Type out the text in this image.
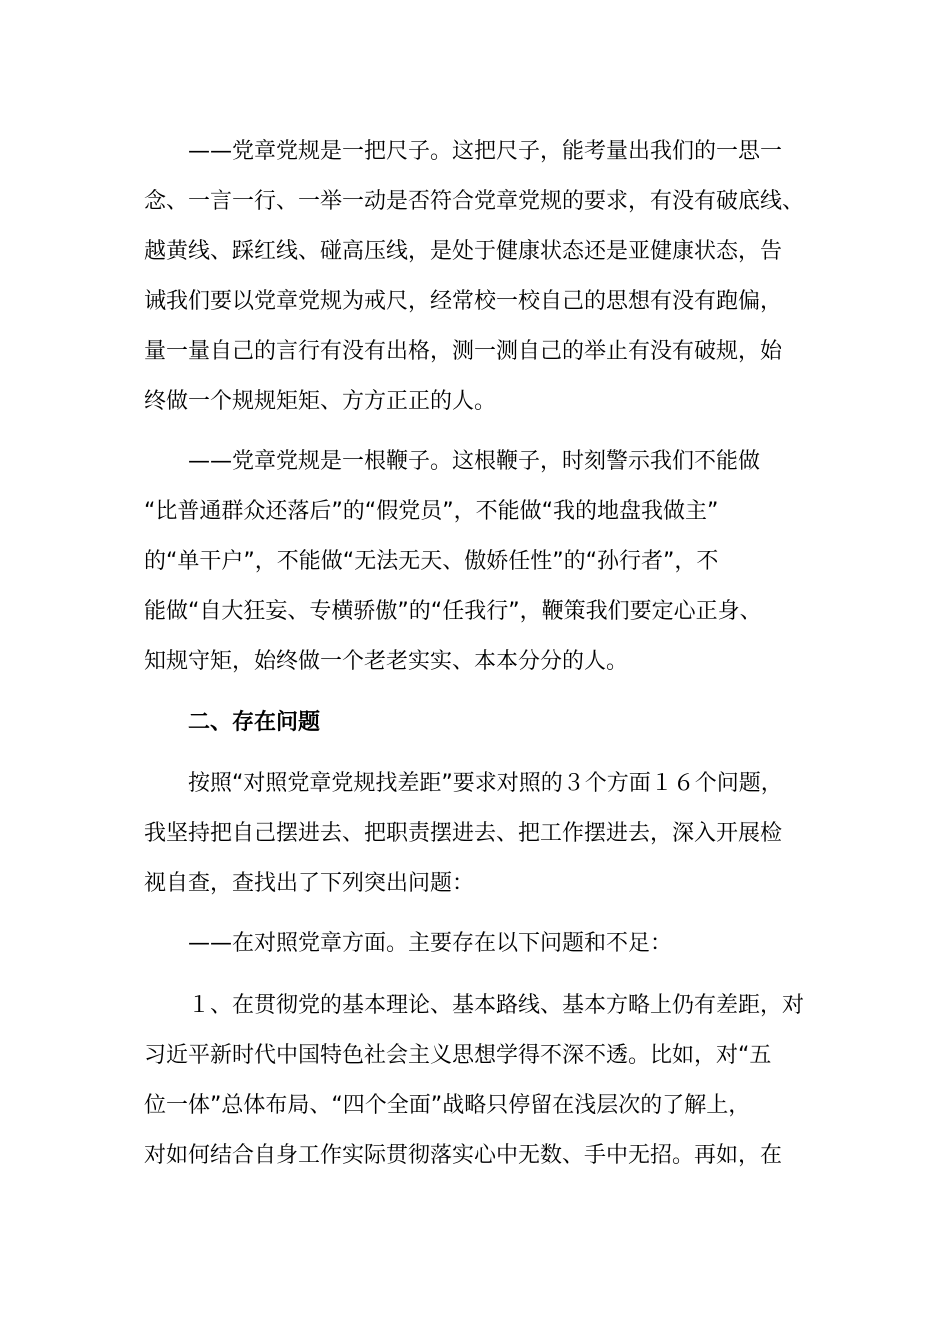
——党章党规是一把尺子。这把尺子，能考量出我们的一思一
念、一言一行、一举一动是否符合党章党规的要求，有没有破底线、
越黄线、踩红线、碰高压线，是处于健康状态还是亚健康状态，告
诫我们要以党章党规为戒尺，经常校一校自己的思想有没有跑偏，
量一量自己的言行有没有出格，测一测自己的举止有没有破规，始
终做一个规规矩矩、方方正正的人。
——党章党规是一根鞭子。这根鞭子，时刻警示我们不能做
“比普通群众还落后”的“假党员”，不能做“我的地盘我做主”
的“单干户”，不能做“无法无天、傲娇任性”的“孙行者”，不
能做“自大狂妄、专横骄傲”的“任我行”，鞭策我们要定心正身、
知规守矩，始终做一个老老实实、本本分分的人。
二、存在问题
按照“对照党章党规找差距”要求对照的３个方面１６个问题，
我坚持把自己摆进去、把职责摆进去、把工作摆进去，深入开展检
视自查，查找出了下列突出问题：
——在对照党章方面。主要存在以下问题和不足：
１、在贯彻党的基本理论、基本路线、基本方略上仍有差距，对
习近平新时代中国特色社会主义思想学得不深不透。比如，对“五
位一体”总体布局、“四个全面”战略只停留在浅层次的了解上，
对如何结合自身工作实际贯彻落实心中无数、手中无招。再如，在
